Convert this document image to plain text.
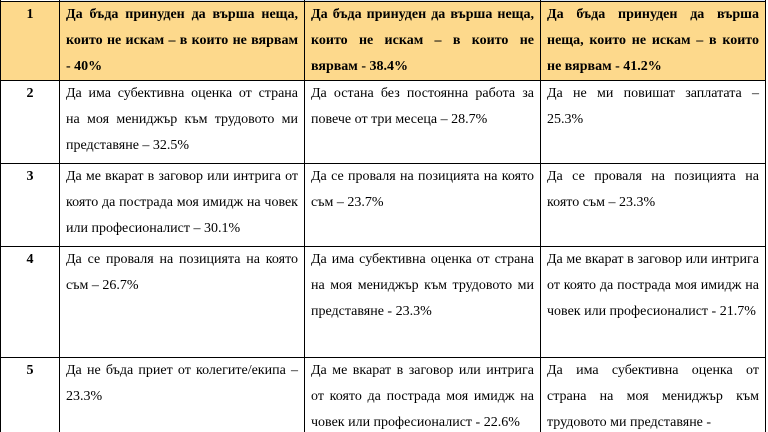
1	Да бъда принуден да върша неща, които не искам – в които не вярвам - 40%	Да бъда принуден да върша неща, които не искам – в които не вярвам - 38.4%	Да бъда принуден да върша неща, които не искам – в които не вярвам - 41.2%
2	Да има субективна оценка от страна на моя мениджър към трудовото ми представяне – 32.5%	Да остана без постоянна работа за повече от три месеца – 28.7%	Да не ми повишат заплатата – 25.3%
3	Да ме вкарат в заговор или интрига от която да пострада моя имидж на човек или професионалист – 30.1%	Да се проваля на позицията на която съм – 23.7%	Да се проваля на позицията на която съм – 23.3%
4	Да се проваля на позицията на която съм – 26.7%	Да има субективна оценка от страна на моя мениджър към трудовото ми представяне - 23.3%	Да ме вкарат в заговор или интрига от която да пострада моя имидж на човек или професионалист - 21.7%
5	Да не бъда приет от колегите/екипа – 23.3%	Да ме вкарат в заговор или интрига от която да пострада моя имидж на човек или професионалист - 22.6%	Да има субективна оценка от страна на моя мениджър към трудовото ми представяне -
